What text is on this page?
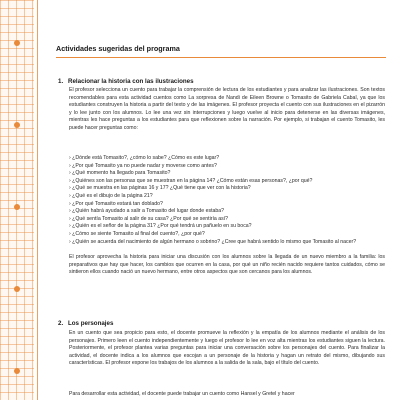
Actividades sugeridas del programa
1. Relacionar la historia con las ilustraciones
El profesor selecciona un cuento para trabajar la comprensión de lectura de los estudiantes y para analizar las ilustraciones. Son textos recomendables para esta actividad cuentos como La sorpresa de Nandi de Eileen Browne o Tomasito de Gabriela Cabal, ya que los estudiantes construyen la historia a partir del texto y de las imágenes. El profesor proyecta el cuento con sus ilustraciones en el pizarrón y lo lee junto con los alumnos. Lo lee una vez sin interrupciones y luego vuelve al inicio para detenerse en las diversas imágenes, mientras les hace preguntas a los estudiantes para que reflexionen sobre la narración. Por ejemplo, si trabajan el cuento Tomasito, les puede hacer preguntas como:
› ¿Dónde está Tomasito?, ¿cómo lo sabe? ¿Cómo es este lugar?
› ¿Por qué Tomasito ya no puede nadar y moverse como antes?
› ¿Qué momento ha llegado para Tomasito?
› ¿Quiénes son las personas que se muestran en la página 14? ¿Cómo están esas personas?, ¿por qué?
› ¿Qué se muestra en las páginas 16 y 17? ¿Qué tiene que ver con la historia?
› ¿Qué es el dibujo de la página 21?
› ¿Por qué Tomasito estará tan doblado?
› ¿Quién habrá ayudado a salir a Tomasito del lugar donde estaba?
› ¿Qué sentía Tomasito al salir de su casa? ¿Por qué se sentiría así?
› ¿Quién es el señor de la página 31? ¿Por qué tendrá un pañuelo en su boca?
› ¿Cómo se siente Tomasito al final del cuento?, ¿por qué?
› ¿Quién se acuerda del nacimiento de algún hermano o sobrino? ¿Cree que habrá sentido lo mismo que Tomasito al nacer?
El profesor aprovecha la historia para iniciar una discusión con los alumnos sobre la llegada de un nuevo miembro a la familia: los preparativos que hay que hacer, los cambios que ocurren en la casa, por qué un niño recién nacido requiere tantos cuidados, cómo se sintieron ellos cuando nació un nuevo hermano, entre otros aspectos que son cercanos para los alumnos.
2. Los personajes
En un cuento que sea propicio para esto, el docente promueve la reflexión y la empatía de los alumnos mediante el análisis de los personajes. Primero leen el cuento independientemente y luego el profesor lo lee en voz alta mientras los estudiantes siguen la lectura. Posteriormente, el profesor plantea varias preguntas para iniciar una conversación sobre los personajes del cuento. Para finalizar la actividad, el docente indica a los alumnos que escojan a un personaje de la historia y hagan un retrato del mismo, dibujando sus características. El profesor expone los trabajos de los alumnos a la salida de la sala, bajo el título del cuento.
Para desarrollar esta actividad, el docente puede trabajar un cuento como Hansel y Gretel y hacer
